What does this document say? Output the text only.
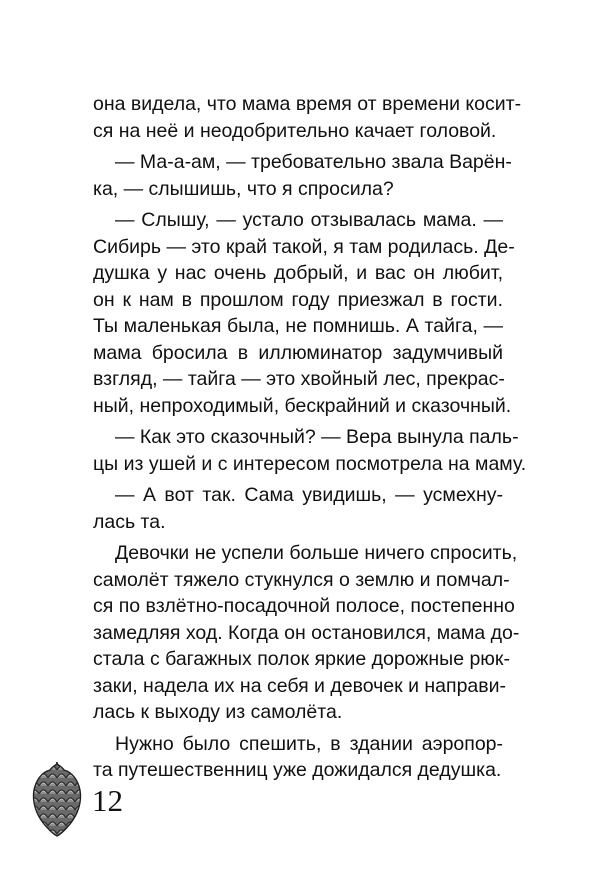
она видела, что мама время от времени косит-
ся на неё и неодобрительно качает головой.
— Ма-а-ам, — требовательно звала Варён-
ка, — слышишь, что я спросила?
— Слышу, — устало отзывалась мама. —
Сибирь — это край такой, я там родилась. Де-
душка у нас очень добрый, и вас он любит,
он к нам в прошлом году приезжал в гости.
Ты маленькая была, не помнишь. А тайга, —
мама бросила в иллюминатор задумчивый
взгляд, — тайга — это хвойный лес, прекрас-
ный, непроходимый, бескрайний и сказочный.
— Как это сказочный? — Вера вынула паль-
цы из ушей и с интересом посмотрела на маму.
— А вот так. Сама увидишь, — усмехну-
лась та.
Девочки не успели больше ничего спросить,
самолёт тяжело стукнулся о землю и помчал-
ся по взлётно-посадочной полосе, постепенно
замедляя ход. Когда он остановился, мама до-
стала с багажных полок яркие дорожные рюк-
заки, надела их на себя и девочек и направи-
лась к выходу из самолёта.
Нужно было спешить, в здании аэропор-
та путешественниц уже дожидался дедушка.
12
